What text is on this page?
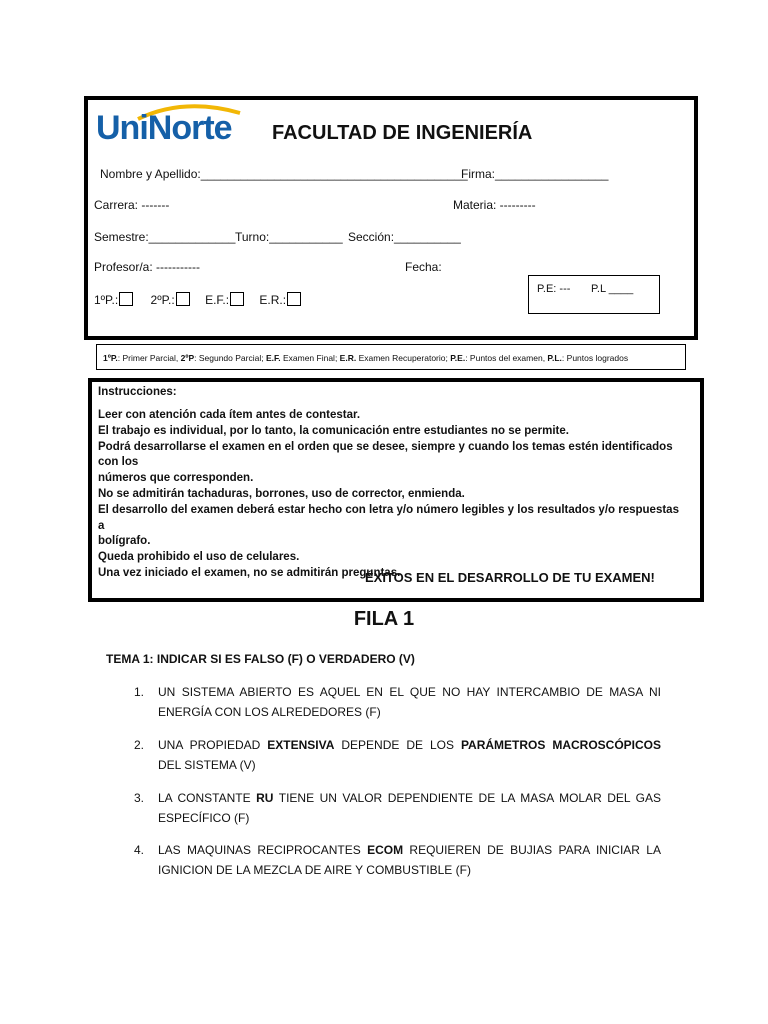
UniNorte FACULTAD DE INGENIERÍA
Nombre y Apellido:________________________________________
Firma:_________________
Carrera: -------	Materia: ---------
Semestre:_____________ Turno:___________ Sección:__________
Profesor/a: -----------	Fecha:
1ºP.:	2ºP.:	E.F.:	E.R.:
P.E: --- P.L ____
1ºP.: Primer Parcial, 2ºP: Segundo Parcial; E.F. Examen Final; E.R. Examen Recuperatorio; P.E.: Puntos del examen, P.L.: Puntos logrados
Instrucciones:
Leer con atención cada ítem antes de contestar.
El trabajo es individual, por lo tanto, la comunicación entre estudiantes no se permite.
Podrá desarrollarse el examen en el orden que se desee, siempre y cuando los temas estén identificados con los
números que corresponden.
No se admitirán tachaduras, borrones, uso de corrector, enmienda.
El desarrollo del examen deberá estar hecho con letra y/o número legibles y los resultados y/o respuestas a
bolígrafo.
Queda prohibido el uso de celulares.
Una vez iniciado el examen, no se admitirán preguntas.
ÉXITOS EN EL DESARROLLO DE TU EXAMEN!
FILA 1
TEMA 1: INDICAR SI ES FALSO (F) O VERDADERO (V)
1. UN SISTEMA ABIERTO ES AQUEL EN EL QUE NO HAY INTERCAMBIO DE MASA NI ENERGÍA CON LOS ALREDEDORES (F)
2. UNA PROPIEDAD EXTENSIVA DEPENDE DE LOS PARÁMETROS MACROSCÓPICOS DEL SISTEMA (V)
3. LA CONSTANTE RU TIENE UN VALOR DEPENDIENTE DE LA MASA MOLAR DEL GAS ESPECÍFICO (F)
4. LAS MAQUINAS RECIPROCANTES ECOM REQUIEREN DE BUJIAS PARA INICIAR LA IGNICION DE LA MEZCLA DE AIRE Y COMBUSTIBLE (F)
